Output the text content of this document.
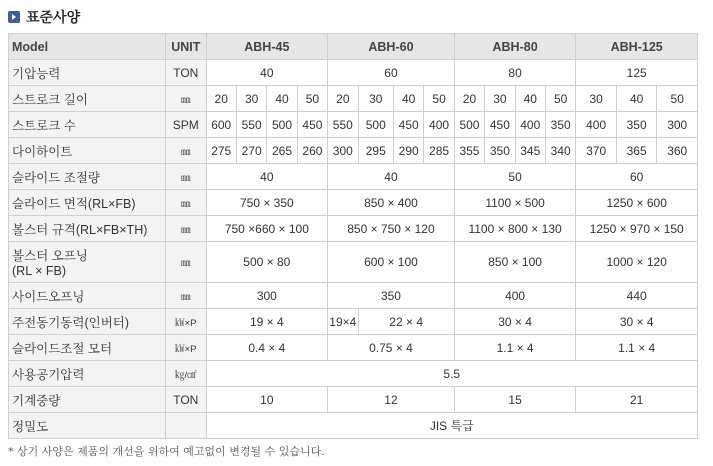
표준사양
Model	UNIT	ABH-45				ABH-60				ABH-80				ABH-125		
기압능력	TON	40				60				80				125		
스트로크 길이	㎜	20	30	40	50	20	30	40	50	20	30	40	50	30	40	50
스트로크 수	SPM	600	550	500	450	550	500	450	400	500	450	400	350	400	350	300
다이하이트	㎜	275	270	265	260	300	295	290	285	355	350	345	340	370	365	360
슬라이드 조절량	㎜	40				40				50				60		
슬라이드 면적(RL×FB)	㎜	750 × 350				850 × 400				1100 × 500				1250 × 600		
볼스터 규격(RL×FB×TH)	㎜	750 ×660 × 100				850 × 750 × 120				1100 × 800 × 130				1250 × 970 × 150		

볼스터 오프닝
(RL × FB)	㎜	500 × 80				600 × 100				850 × 100				1000 × 120		
사이드오프닝	㎜	300				350				400				440		
주전동기동력(인버터)	㎾×P	19 × 4				19×4	22 × 4			30 × 4				30 × 4		
슬라이드조절 모터	㎾×P	0.4 × 4				0.75 × 4				1.1 × 4				1.1 × 4		
사용공기압력	㎏/㎠	5.5														
기계중량	TON	10				12				15				21		
정밀도		JIS 특급														
* 상기 사양은 제품의 개선을 위하여 예고없이 변경될 수 있습니다.
